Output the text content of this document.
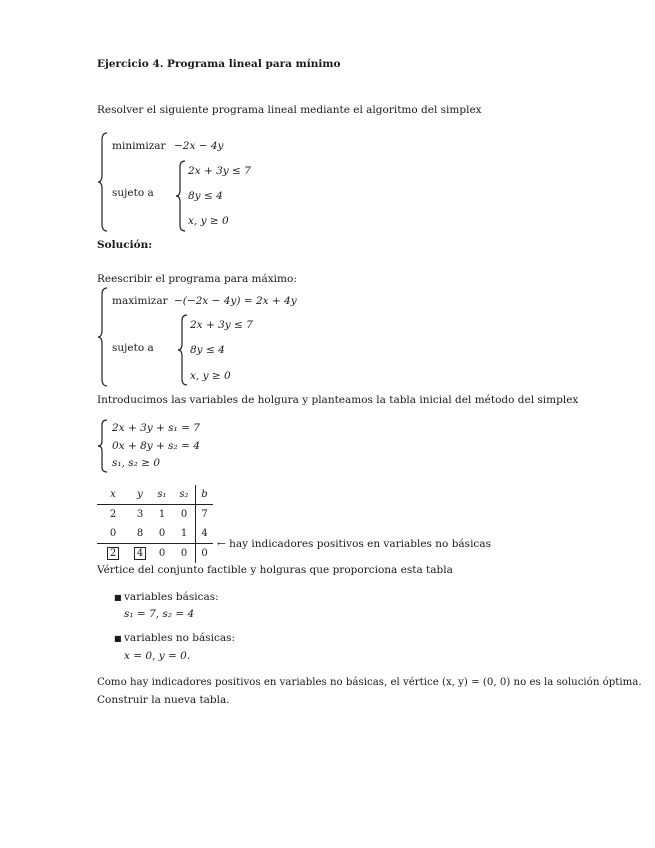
Ejercicio 4. Programa lineal para mínimo
Resolver el siguiente programa lineal mediante el algoritmo del simplex
minimizar −2x − 4y
sujeto a
2x + 3y ≤ 7
8y ≤ 4
x, y ≥ 0
Solución:
Reescribir el programa para máximo:
maximizar −(−2x − 4y) = 2x + 4y
sujeto a
2x + 3y ≤ 7
8y ≤ 4
x, y ≥ 0
Introducimos las variables de holgura y planteamos la tabla inicial del método del simplex
2x + 3y + s₁ = 7
0x + 8y + s₂ = 4
s₁, s₂ ≥ 0
x	y	s₁	s₂	b
2	3	1	0	7
0	8	0	1	4
2	4	0	0	0
← hay indicadores positivos en variables no básicas
Vértice del conjunto factible y holguras que proporciona esta tabla
■ variables básicas:
s₁ = 7, s₂ = 4
■ variables no básicas:
x = 0, y = 0.
Como hay indicadores positivos en variables no básicas, el vértice (x, y) = (0, 0) no es la solución óptima.
Construir la nueva tabla.
